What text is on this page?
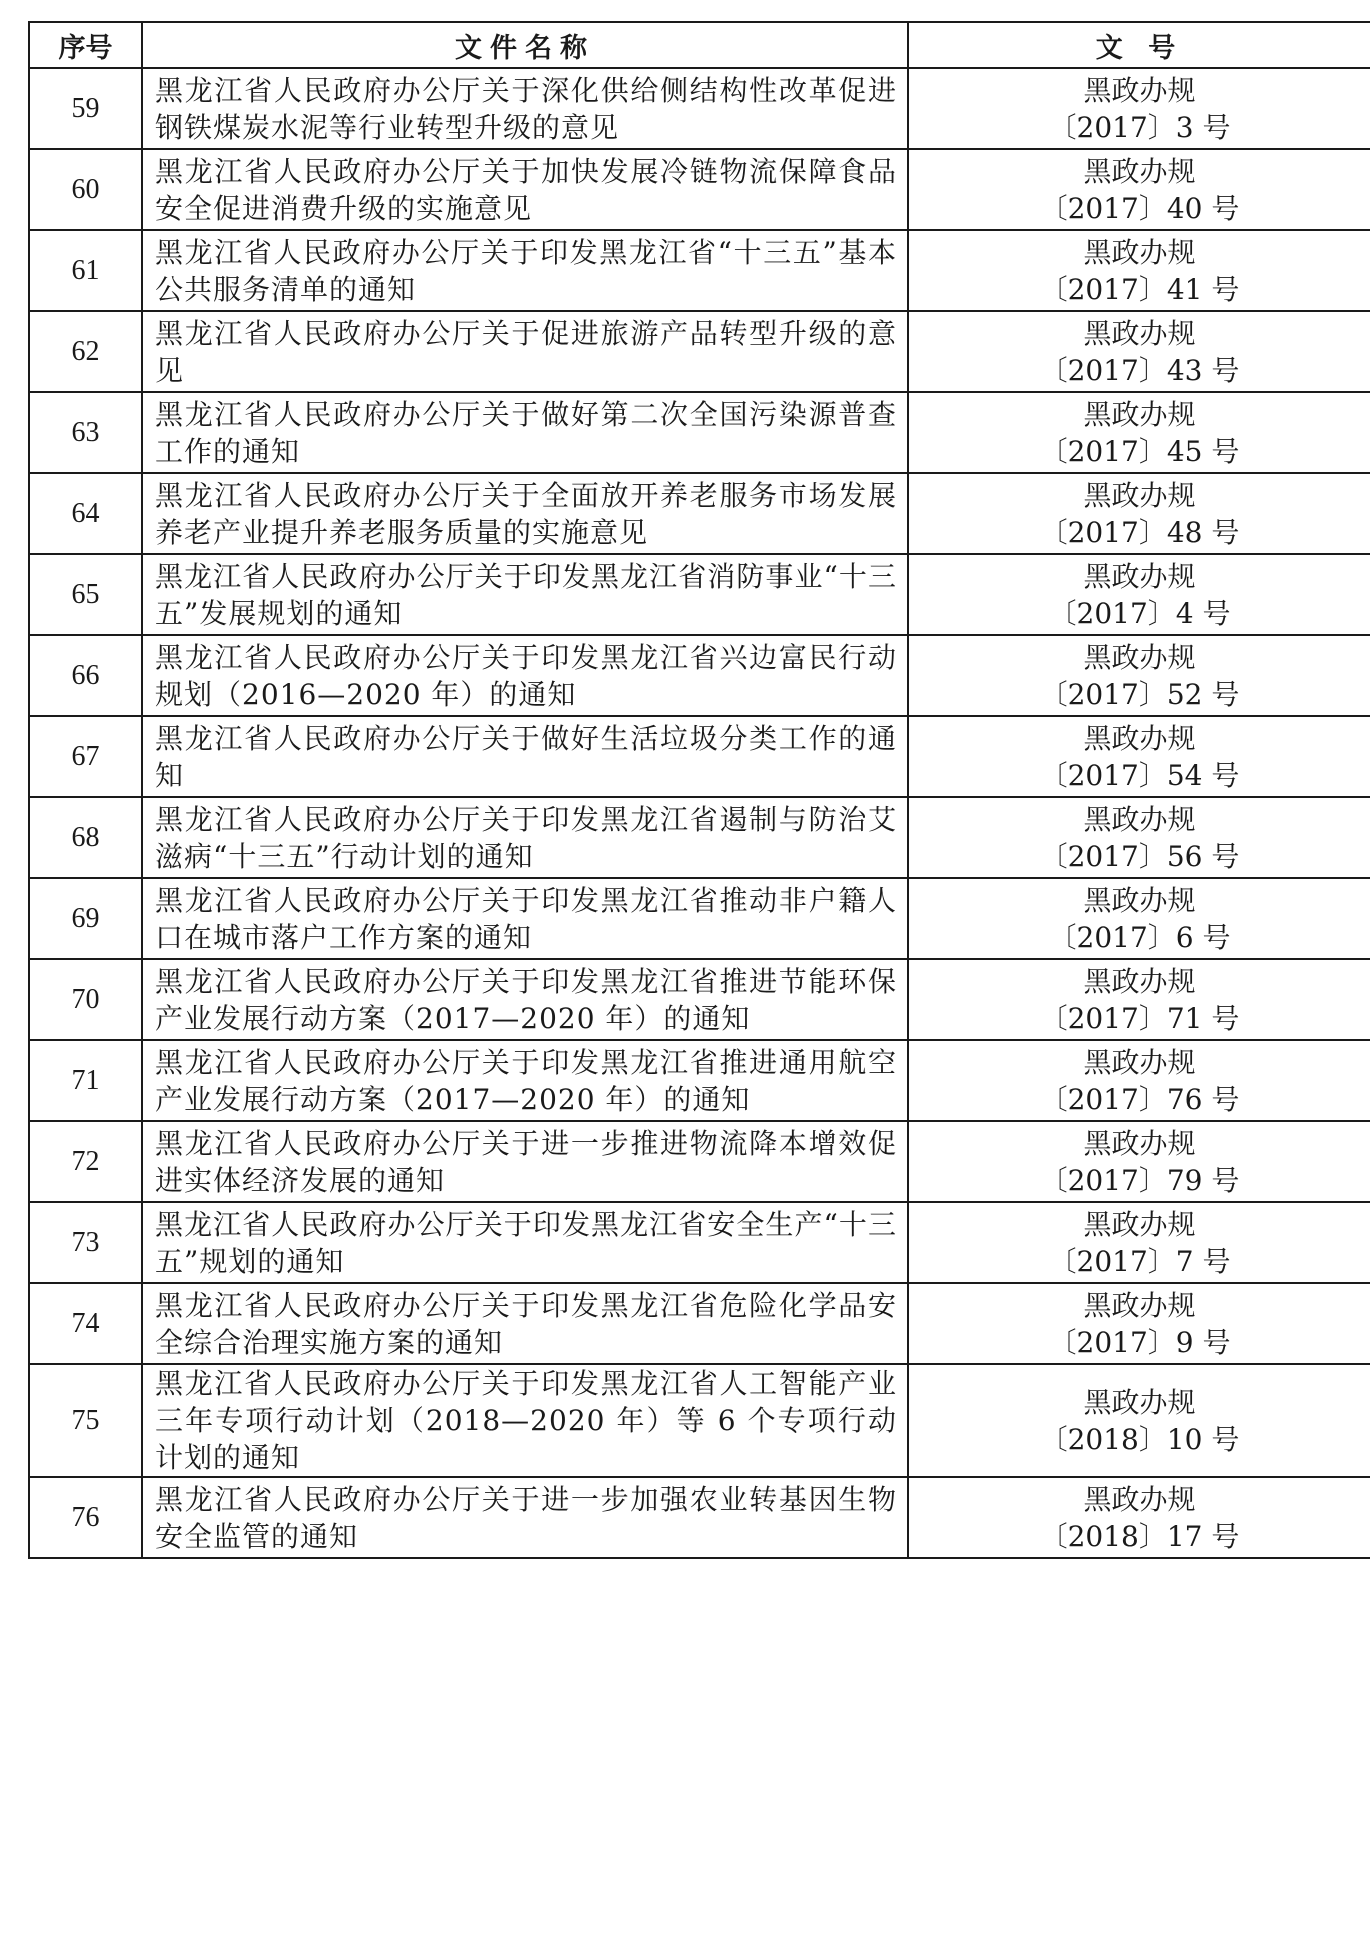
序号	文件名称	文 号
59	黑龙江省人民政府办公厅关于深化供给侧结构性改革促进钢铁煤炭水泥等行业转型升级的意见	黑政办规
〔2017〕3 号

60	黑龙江省人民政府办公厅关于加快发展冷链物流保障食品安全促进消费升级的实施意见	黑政办规
〔2017〕40 号

61	黑龙江省人民政府办公厅关于印发黑龙江省“十三五”基本公共服务清单的通知	黑政办规
〔2017〕41 号

62	黑龙江省人民政府办公厅关于促进旅游产品转型升级的意见	黑政办规
〔2017〕43 号

63	黑龙江省人民政府办公厅关于做好第二次全国污染源普查工作的通知	黑政办规
〔2017〕45 号

64	黑龙江省人民政府办公厅关于全面放开养老服务市场发展养老产业提升养老服务质量的实施意见	黑政办规
〔2017〕48 号

65	黑龙江省人民政府办公厅关于印发黑龙江省消防事业“十三五”发展规划的通知	黑政办规
〔2017〕4 号

66	黑龙江省人民政府办公厅关于印发黑龙江省兴边富民行动规划（2016—2020 年）的通知	黑政办规
〔2017〕52 号

67	黑龙江省人民政府办公厅关于做好生活垃圾分类工作的通知	黑政办规
〔2017〕54 号

68	黑龙江省人民政府办公厅关于印发黑龙江省遏制与防治艾滋病“十三五”行动计划的通知	黑政办规
〔2017〕56 号

69	黑龙江省人民政府办公厅关于印发黑龙江省推动非户籍人口在城市落户工作方案的通知	黑政办规
〔2017〕6 号

70	黑龙江省人民政府办公厅关于印发黑龙江省推进节能环保产业发展行动方案（2017—2020 年）的通知	黑政办规
〔2017〕71 号

71	黑龙江省人民政府办公厅关于印发黑龙江省推进通用航空产业发展行动方案（2017—2020 年）的通知	黑政办规
〔2017〕76 号

72	黑龙江省人民政府办公厅关于进一步推进物流降本增效促进实体经济发展的通知	黑政办规
〔2017〕79 号

73	黑龙江省人民政府办公厅关于印发黑龙江省安全生产“十三五”规划的通知	黑政办规
〔2017〕7 号

74	黑龙江省人民政府办公厅关于印发黑龙江省危险化学品安全综合治理实施方案的通知	黑政办规
〔2017〕9 号

75	黑龙江省人民政府办公厅关于印发黑龙江省人工智能产业三年专项行动计划（2018—2020 年）等 6 个专项行动计划的通知	黑政办规
〔2018〕10 号

76	黑龙江省人民政府办公厅关于进一步加强农业转基因生物安全监管的通知	黑政办规
〔2018〕17 号
